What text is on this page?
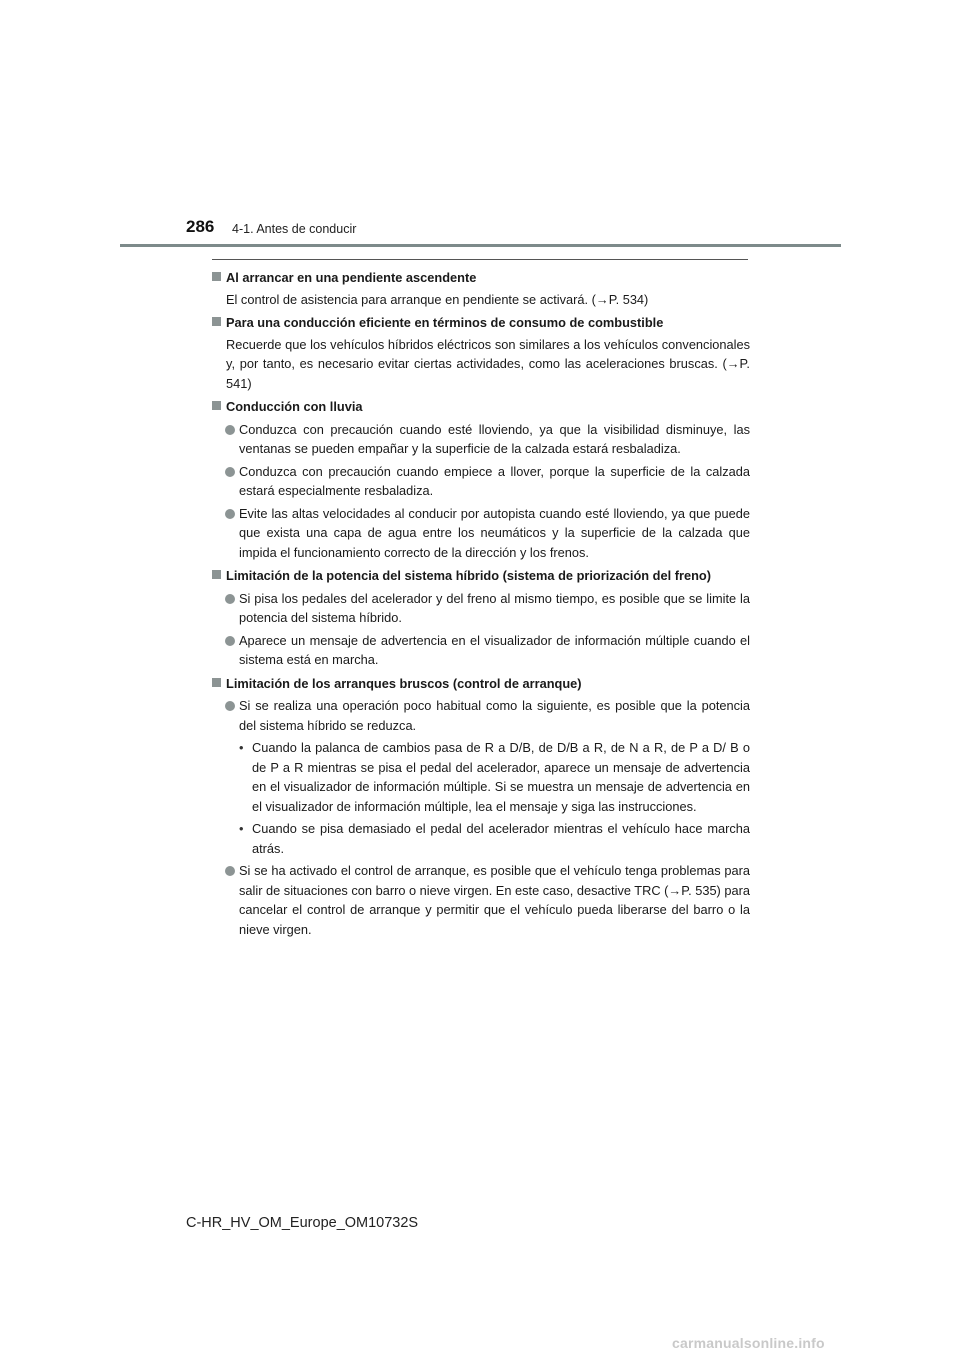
286 4-1. Antes de conducir
Al arrancar en una pendiente ascendente
El control de asistencia para arranque en pendiente se activará. (→P. 534)
Para una conducción eficiente en términos de consumo de combustible
Recuerde que los vehículos híbridos eléctricos son similares a los vehículos convencionales y, por tanto, es necesario evitar ciertas actividades, como las aceleraciones bruscas. (→P. 541)
Conducción con lluvia
Conduzca con precaución cuando esté lloviendo, ya que la visibilidad disminuye, las ventanas se pueden empañar y la superficie de la calzada estará resbaladiza.
Conduzca con precaución cuando empiece a llover, porque la superficie de la calzada estará especialmente resbaladiza.
Evite las altas velocidades al conducir por autopista cuando esté lloviendo, ya que puede que exista una capa de agua entre los neumáticos y la superficie de la calzada que impida el funcionamiento correcto de la dirección y los frenos.
Limitación de la potencia del sistema híbrido (sistema de priorización del freno)
Si pisa los pedales del acelerador y del freno al mismo tiempo, es posible que se limite la potencia del sistema híbrido.
Aparece un mensaje de advertencia en el visualizador de información múltiple cuando el sistema está en marcha.
Limitación de los arranques bruscos (control de arranque)
Si se realiza una operación poco habitual como la siguiente, es posible que la potencia del sistema híbrido se reduzca.
• Cuando la palanca de cambios pasa de R a D/B, de D/B a R, de N a R, de P a D/ B o de P a R mientras se pisa el pedal del acelerador, aparece un mensaje de advertencia en el visualizador de información múltiple. Si se muestra un mensaje de advertencia en el visualizador de información múltiple, lea el mensaje y siga las instrucciones.
• Cuando se pisa demasiado el pedal del acelerador mientras el vehículo hace marcha atrás.
Si se ha activado el control de arranque, es posible que el vehículo tenga problemas para salir de situaciones con barro o nieve virgen. En este caso, desactive TRC (→P. 535) para cancelar el control de arranque y permitir que el vehículo pueda liberarse del barro o la nieve virgen.
C-HR_HV_OM_Europe_OM10732S
carmanualsonline.info
